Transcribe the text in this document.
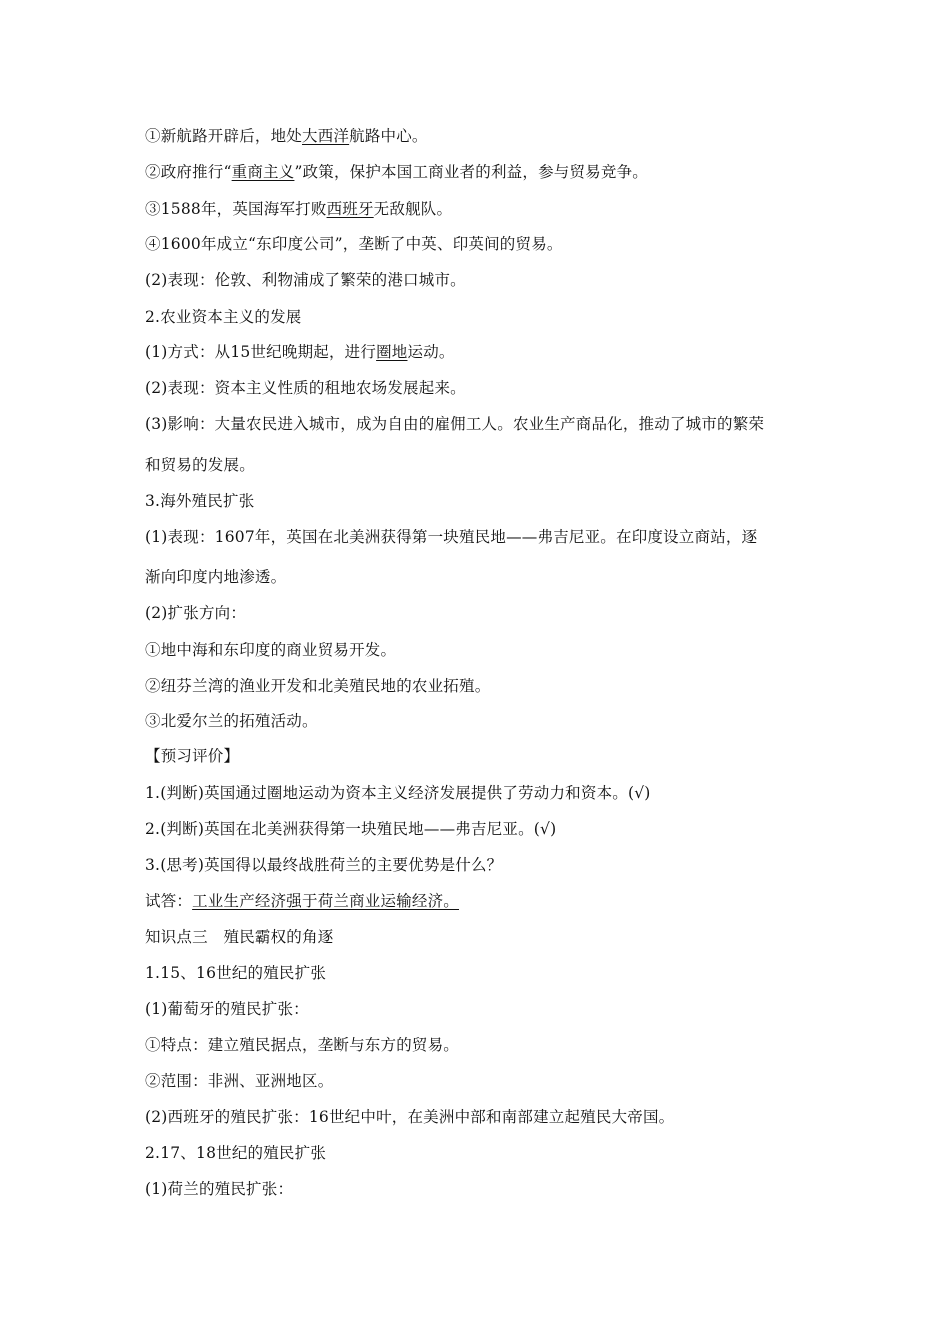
①新航路开辟后，地处大西洋航路中心。
②政府推行“重商主义”政策，保护本国工商业者的利益，参与贸易竞争。
③1588年，英国海军打败西班牙无敌舰队。
④1600年成立“东印度公司”，垄断了中英、印英间的贸易。
(2)表现：伦敦、利物浦成了繁荣的港口城市。
2.农业资本主义的发展
(1)方式：从15世纪晚期起，进行圈地运动。
(2)表现：资本主义性质的租地农场发展起来。
(3)影响：大量农民进入城市，成为自由的雇佣工人。农业生产商品化，推动了城市的繁荣
和贸易的发展。
3.海外殖民扩张
(1)表现：1607年，英国在北美洲获得第一块殖民地——弗吉尼亚。在印度设立商站，逐
渐向印度内地渗透。
(2)扩张方向：
①地中海和东印度的商业贸易开发。
②纽芬兰湾的渔业开发和北美殖民地的农业拓殖。
③北爱尔兰的拓殖活动。
【预习评价】
1.(判断)英国通过圈地运动为资本主义经济发展提供了劳动力和资本。(√)
2.(判断)英国在北美洲获得第一块殖民地——弗吉尼亚。(√)
3.(思考)英国得以最终战胜荷兰的主要优势是什么？
试答：工业生产经济强于荷兰商业运输经济。
知识点三　殖民霸权的角逐
1.15、16世纪的殖民扩张
(1)葡萄牙的殖民扩张：
①特点：建立殖民据点，垄断与东方的贸易。
②范围：非洲、亚洲地区。
(2)西班牙的殖民扩张：16世纪中叶，在美洲中部和南部建立起殖民大帝国。
2.17、18世纪的殖民扩张
(1)荷兰的殖民扩张：
